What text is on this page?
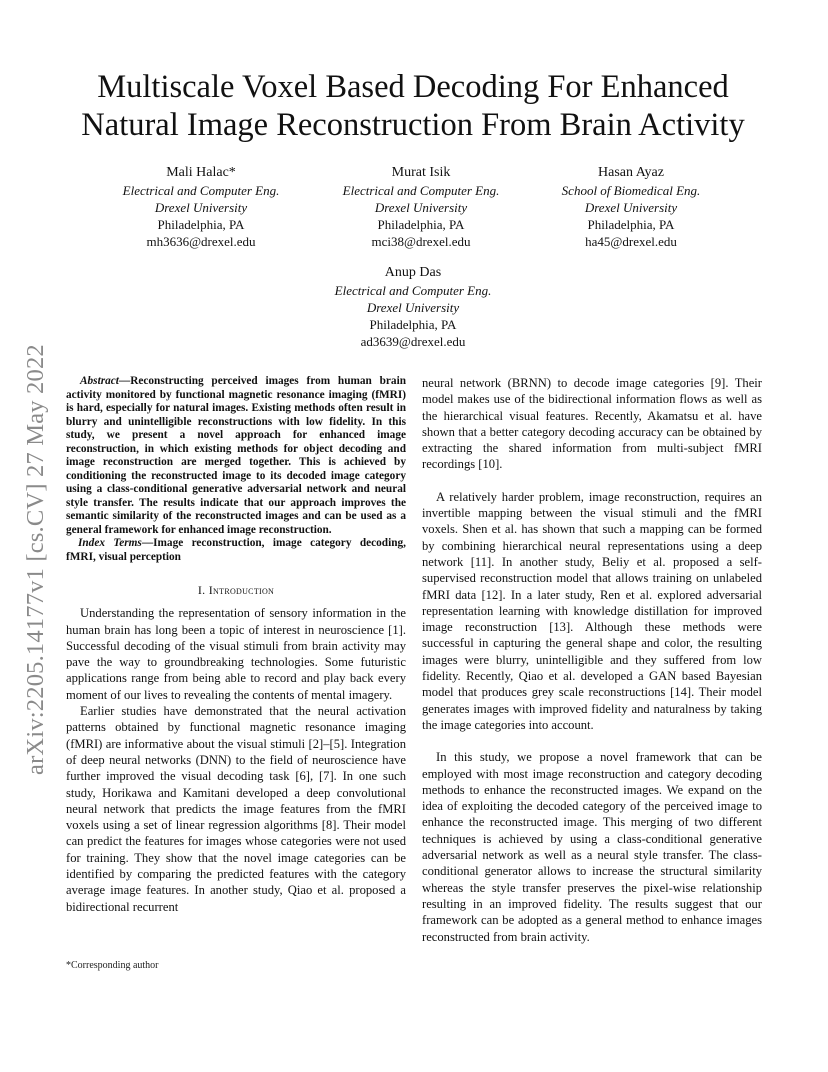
arXiv:2205.14177v1 [cs.CV] 27 May 2022
Multiscale Voxel Based Decoding For Enhanced
Natural Image Reconstruction From Brain Activity
Mali Halac*
Electrical and Computer Eng.
Drexel University
Philadelphia, PA
mh3636@drexel.edu
Murat Isik
Electrical and Computer Eng.
Drexel University
Philadelphia, PA
mci38@drexel.edu
Hasan Ayaz
School of Biomedical Eng.
Drexel University
Philadelphia, PA
ha45@drexel.edu
Anup Das
Electrical and Computer Eng.
Drexel University
Philadelphia, PA
ad3639@drexel.edu

Abstract—Reconstructing perceived images from human brain activity monitored by functional magnetic resonance imaging (fMRI) is hard, especially for natural images. Existing methods often result in blurry and unintelligible reconstructions with low fidelity. In this study, we present a novel approach for enhanced image reconstruction, in which existing methods for object decoding and image reconstruction are merged together. This is achieved by conditioning the reconstructed image to its decoded image category using a class-conditional generative adversarial network and neural style transfer. The results indicate that our approach improves the semantic similarity of the reconstructed images and can be used as a general framework for enhanced image reconstruction.

Index Terms—Image reconstruction, image category decoding, fMRI, visual perception

I. Introduction

Understanding the representation of sensory information in the human brain has long been a topic of interest in neuroscience [1]. Successful decoding of the visual stimuli from brain activity may pave the way to groundbreaking technologies. Some futuristic applications range from being able to record and play back every moment of our lives to revealing the contents of mental imagery.

Earlier studies have demonstrated that the neural activation patterns obtained by functional magnetic resonance imaging (fMRI) are informative about the visual stimuli [2]–[5]. Integration of deep neural networks (DNN) to the field of neuroscience have further improved the visual decoding task [6], [7]. In one such study, Horikawa and Kamitani developed a deep convolutional neural network that predicts the image features from the fMRI voxels using a set of linear regression algorithms [8]. Their model can predict the features for images whose categories were not used for training. They show that the novel image categories can be identified by comparing the predicted features with the category average image features. In another study, Qiao et al. proposed a bidirectional recurrent

neural network (BRNN) to decode image categories [9]. Their model makes use of the bidirectional information flows as well as the hierarchical visual features. Recently, Akamatsu et al. have shown that a better category decoding accuracy can be obtained by extracting the shared information from multi-subject fMRI recordings [10].

A relatively harder problem, image reconstruction, requires an invertible mapping between the visual stimuli and the fMRI voxels. Shen et al. has shown that such a mapping can be formed by combining hierarchical neural representations using a deep network [11]. In another study, Beliy et al. proposed a self-supervised reconstruction model that allows training on unlabeled fMRI data [12]. In a later study, Ren et al. explored adversarial representation learning with knowledge distillation for improved image reconstruction [13]. Although these methods were successful in capturing the general shape and color, the resulting images were blurry, unintelligible and they suffered from low fidelity. Recently, Qiao et al. developed a GAN based Bayesian model that produces grey scale reconstructions [14]. Their model generates images with improved fidelity and naturalness by taking the image categories into account.

In this study, we propose a novel framework that can be employed with most image reconstruction and category decoding methods to enhance the reconstructed images. We expand on the idea of exploiting the decoded category of the perceived image to enhance the reconstructed image. This merging of two different techniques is achieved by using a class-conditional generative adversarial network as well as a neural style transfer. The class-conditional generator allows to increase the structural similarity whereas the style transfer preserves the pixel-wise relationship resulting in an improved fidelity. The results suggest that our framework can be adopted as a general method to enhance images reconstructed from brain activity.

*Corresponding author
